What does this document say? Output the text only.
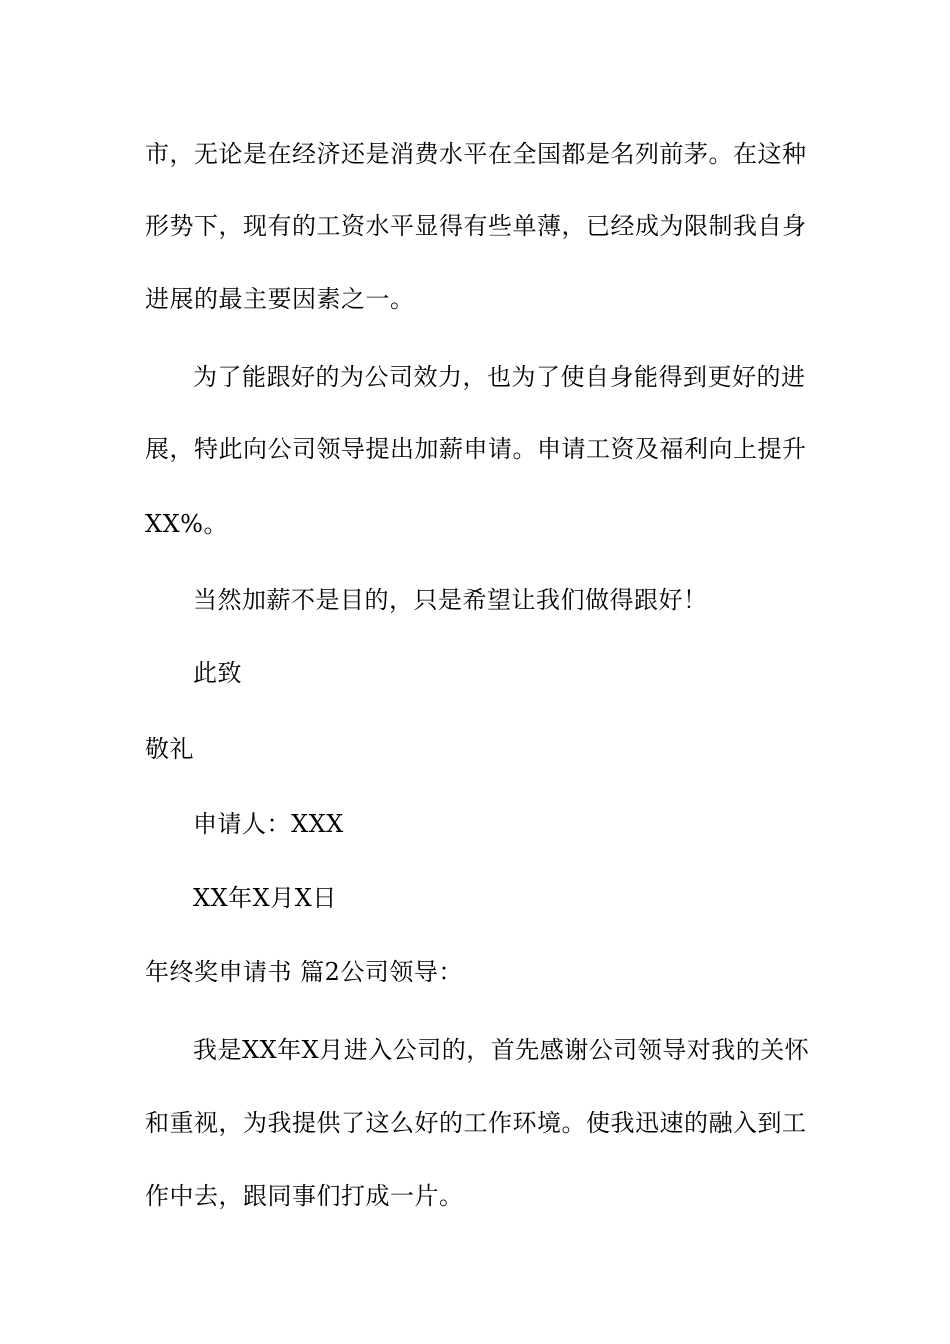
市，无论是在经济还是消费水平在全国都是名列前茅。在这种
形势下，现有的工资水平显得有些单薄，已经成为限制我自身
进展的最主要因素之一。
为了能跟好的为公司效力，也为了使自身能得到更好的进
展，特此向公司领导提出加薪申请。申请工资及福利向上提升
XX%。
当然加薪不是目的，只是希望让我们做得跟好！
此致
敬礼
申请人：XXX
XX年X月X日
年终奖申请书 篇2公司领导：
我是XX年X月进入公司的，首先感谢公司领导对我的关怀
和重视，为我提供了这么好的工作环境。使我迅速的融入到工
作中去，跟同事们打成一片。
